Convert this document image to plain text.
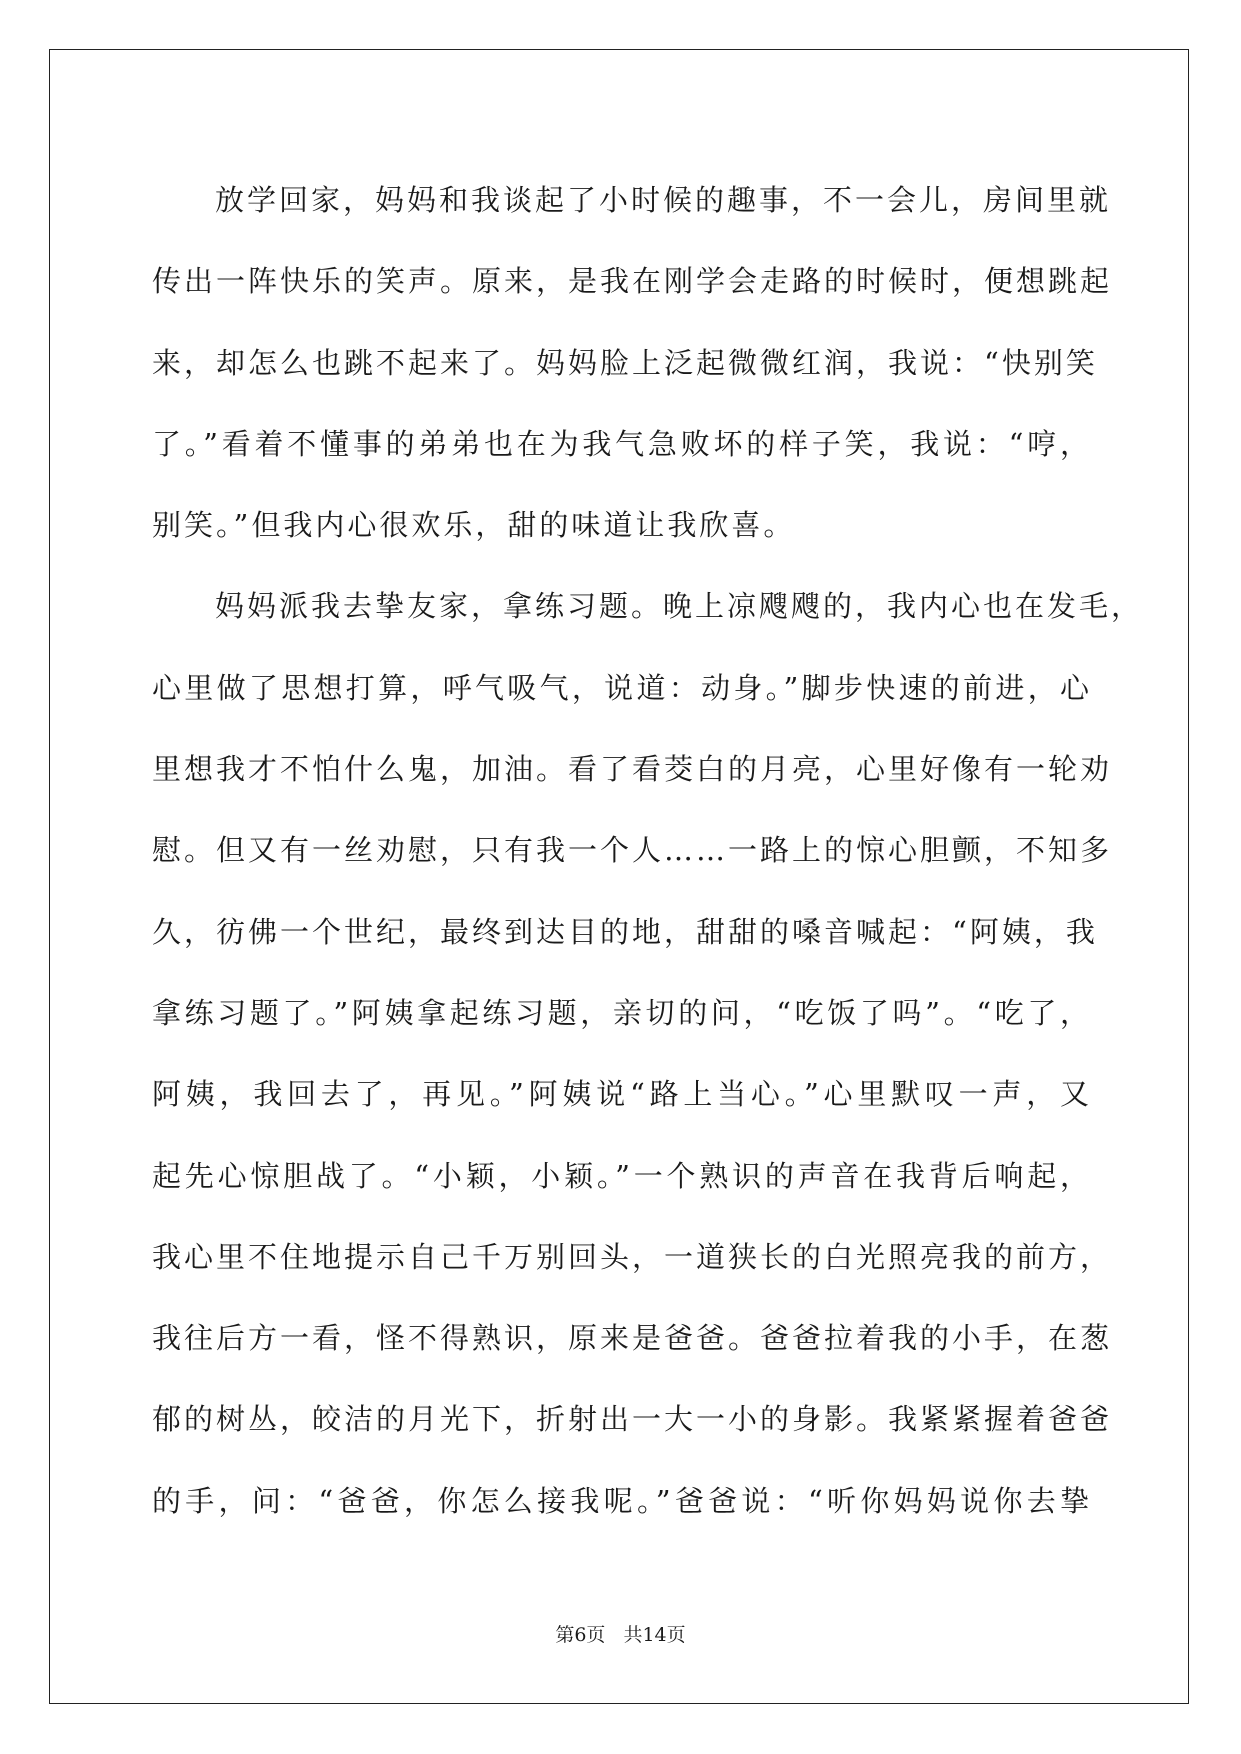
放学回家，妈妈和我谈起了小时候的趣事，不一会儿，房间里就
传出一阵快乐的笑声。原来，是我在刚学会走路的时候时，便想跳起
来，却怎么也跳不起来了。妈妈脸上泛起微微红润，我说：“快别笑
了。”看着不懂事的弟弟也在为我气急败坏的样子笑，我说：“哼，
别笑。”但我内心很欢乐，甜的味道让我欣喜。
妈妈派我去挚友家，拿练习题。晚上凉飕飕的，我内心也在发毛，
心里做了思想打算，呼气吸气，说道：动身。”脚步快速的前进，心
里想我才不怕什么鬼，加油。看了看茭白的月亮，心里好像有一轮劝
慰。但又有一丝劝慰，只有我一个人……一路上的惊心胆颤，不知多
久，彷佛一个世纪，最终到达目的地，甜甜的嗓音喊起：“阿姨，我
拿练习题了。”阿姨拿起练习题，亲切的问，“吃饭了吗”。“吃了，
阿姨，我回去了，再见。”阿姨说“路上当心。”心里默叹一声，又
起先心惊胆战了。“小颖，小颖。”一个熟识的声音在我背后响起，
我心里不住地提示自己千万别回头，一道狭长的白光照亮我的前方，
我往后方一看，怪不得熟识，原来是爸爸。爸爸拉着我的小手，在葱
郁的树丛，皎洁的月光下，折射出一大一小的身影。我紧紧握着爸爸
的手，问：“爸爸，你怎么接我呢。”爸爸说：“听你妈妈说你去挚
第6页 共14页
